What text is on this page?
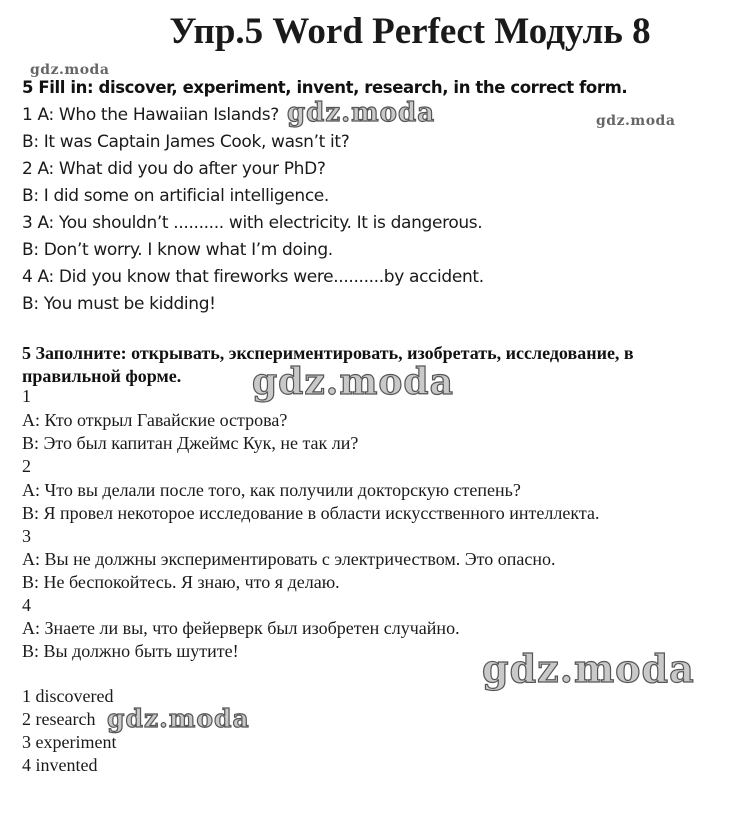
Упр.5 Word Perfect Модуль 8
gdz.moda
gdz.moda
5 Fill in: discover, experiment, invent, research, in the correct form.
1 A: Who the Hawaiian Islands?
B: It was Captain James Cook, wasn’t it?
2 A: What did you do after your PhD?
B: I did some on artificial intelligence.
3 A: You shouldn’t .......... with electricity. It is dangerous.
B: Don’t worry. I know what I’m doing.
4 A: Did you know that fireworks were..........by accident.
B: You must be kidding!
gdz.moda
5 Заполните: открывать, экспериментировать, изобретать, исследование, в
правильной форме. gdz.moda
1
A: Кто открыл Гавайские острова?
B: Это был капитан Джеймс Кук, не так ли?
2
A: Что вы делали после того, как получили докторскую степень?
B: Я провел некоторое исследование в области искусственного интеллекта.
3
A: Вы не должны экспериментировать с электричеством. Это опасно.
B: Не беспокойтесь. Я знаю, что я делаю.
4
A: Знаете ли вы, что фейерверк был изобретен случайно.
B: Вы должно быть шутите!	gdz.moda
1 discovered
2 research
3 experiment
4 invented
gdz.moda
